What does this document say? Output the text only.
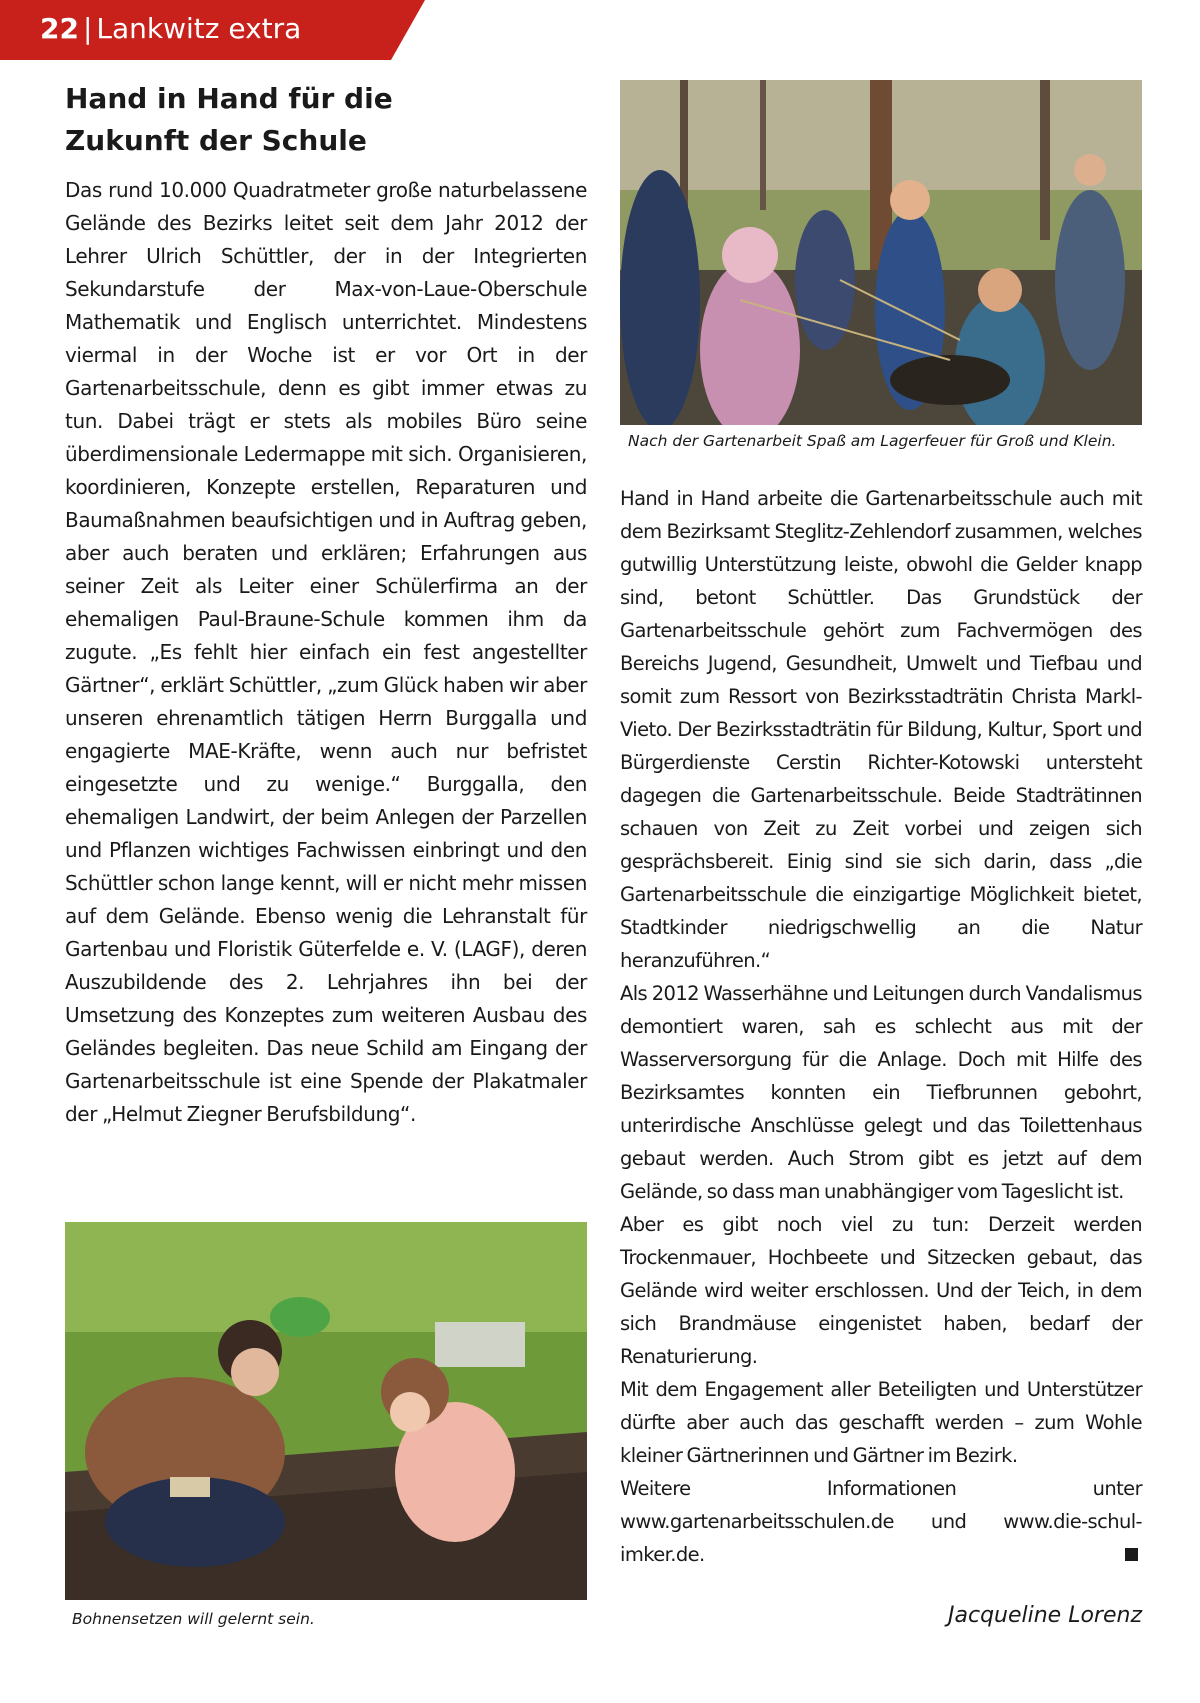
22 | Lankwitz extra
Hand in Hand für die
Zukunft der Schule

Das rund 10.000 Quadratmeter große naturbelassene Gelände des Bezirks leitet seit dem Jahr 2012 der Lehrer Ulrich Schüttler, der in der Integrierten Sekundarstufe der Max-von-Laue-Oberschule Mathematik und Englisch unterrichtet. Mindestens viermal in der Woche ist er vor Ort in der Gartenarbeitsschule, denn es gibt immer etwas zu tun. Dabei trägt er stets als mobiles Büro seine überdimensionale Ledermappe mit sich. Organisieren, koordinieren, Konzepte erstellen, Reparaturen und Baumaßnahmen beaufsichtigen und in Auftrag geben, aber auch beraten und erklären; Erfahrungen aus seiner Zeit als Leiter einer Schülerfirma an der ehemaligen Paul-Braune-Schule kommen ihm da zugute. „Es fehlt hier einfach ein fest angestellter Gärtner“, erklärt Schüttler, „zum Glück haben wir aber unseren ehrenamtlich tätigen Herrn Burggalla und engagierte MAE-Kräfte, wenn auch nur befristet eingesetzte und zu wenige.“ Burggalla, den ehemaligen Landwirt, der beim Anlegen der Parzellen und Pflanzen wichtiges Fachwissen einbringt und den Schüttler schon lange kennt, will er nicht mehr missen auf dem Gelände. Ebenso wenig die Lehranstalt für Gartenbau und Floristik Güterfelde e. V. (LAGF), deren Auszubildende des 2. Lehrjahres ihn bei der Umsetzung des Konzeptes zum weiteren Ausbau des Geländes begleiten. Das neue Schild am Eingang der Gartenarbeitsschule ist eine Spende der Plakatmaler der „Helmut Ziegner Berufsbildung“.

Nach der Gartenarbeit Spaß am Lagerfeuer für Groß und Klein.

Hand in Hand arbeite die Gartenarbeitsschule auch mit dem Bezirksamt Steglitz-Zehlendorf zusammen, welches gutwillig Unterstützung leiste, obwohl die Gelder knapp sind, betont Schüttler. Das Grundstück der Gartenarbeitsschule gehört zum Fachvermögen des Bereichs Jugend, Gesundheit, Umwelt und Tiefbau und somit zum Ressort von Bezirksstadträtin Christa Markl-Vieto. Der Bezirksstadträtin für Bildung, Kultur, Sport und Bürgerdienste Cerstin Richter-Kotowski untersteht dagegen die Gartenarbeitsschule. Beide Stadträtinnen schauen von Zeit zu Zeit vorbei und zeigen sich gesprächsbereit. Einig sind sie sich darin, dass „die Gartenarbeitsschule die einzigartige Möglichkeit bietet, Stadtkinder niedrigschwellig an die Natur heranzuführen.“

Als 2012 Wasserhähne und Leitungen durch Vandalismus demontiert waren, sah es schlecht aus mit der Wasserversorgung für die Anlage. Doch mit Hilfe des Bezirksamtes konnten ein Tiefbrunnen gebohrt, unterirdische Anschlüsse gelegt und das Toilettenhaus gebaut werden. Auch Strom gibt es jetzt auf dem Gelände, so dass man unabhängiger vom Tageslicht ist.

Aber es gibt noch viel zu tun: Derzeit werden Trockenmauer, Hochbeete und Sitzecken gebaut, das Gelände wird weiter erschlossen. Und der Teich, in dem sich Brandmäuse eingenistet haben, bedarf der Renaturierung.

Mit dem Engagement aller Beteiligten und Unterstützer dürfte aber auch das geschafft werden – zum Wohle kleiner Gärtnerinnen und Gärtner im Bezirk.

Weitere Informationen unter www.gartenarbeitsschulen.de und www.die-schul-imker.de.

Jacqueline Lorenz
Bohnensetzen will gelernt sein.
